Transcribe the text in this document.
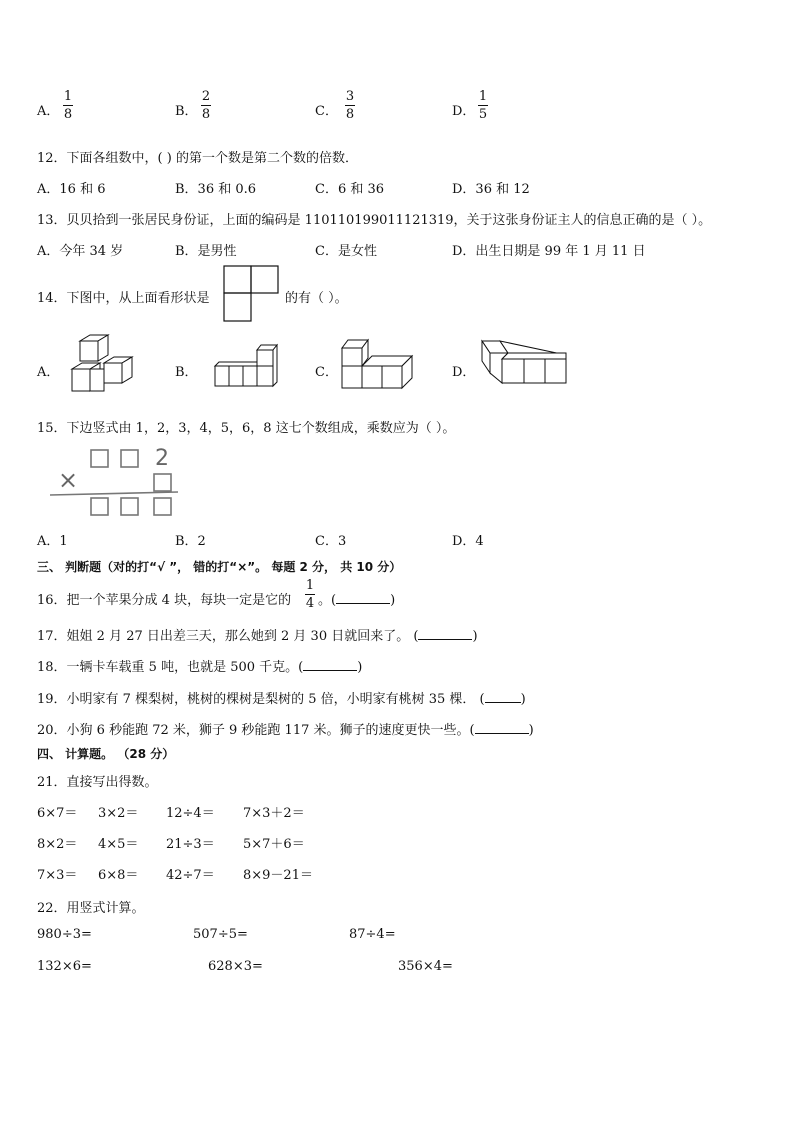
A．
1
8	B．
2
8	C．
3
8	D．
1
5
12．下面各组数中，( ) 的第一个数是第二个数的倍数．
A．16 和 6	B．36 和 0.6	C．6 和 36	D．36 和 12
13．贝贝拾到一张居民身份证，上面的编码是 110110199011121319，关于这张身份证主人的信息正确的是（ ）。
A．今年 34 岁	B．是男性	C．是女性	D．出生日期是 99 年 1 月 11 日
14．下图中，从上面看形状是	的有（ ）。
A．	B．	C．	D．
15．下边竖式由 1，2，3，4，5，6，8 这七个数组成，乘数应为（ ）。
2
×
A．1	B．2	C．3	D．4
三、 判断题（对的打“√ ”， 错的打“×”。 每题 2 分， 共 10 分）
16．把一个苹果分成 4 块，每块一定是它的
1
4 。(	)
17．姐姐 2 月 27 日出差三天，那么她到 2 月 30 日就回来了。 (	)
18．一辆卡车载重 5 吨，也就是 500 千克。(	)
19．小明家有 7 棵梨树，桃树的棵树是梨树的 5 倍，小明家有桃树 35 棵． (	)
20．小狗 6 秒能跑 72 米，狮子 9 秒能跑 117 米。狮子的速度更快一些。(	)
四、 计算题。 （28 分）
21．直接写出得数。
6×7＝ 3×2＝ 12÷4＝ 7×3＋2＝
8×2＝ 4×5＝ 21÷3＝ 5×7＋6＝
7×3＝ 6×8＝ 42÷7＝ 8×9－21＝
22．用竖式计算。
980÷3=	507÷5=	87÷4=
132×6=	628×3=	356×4=
